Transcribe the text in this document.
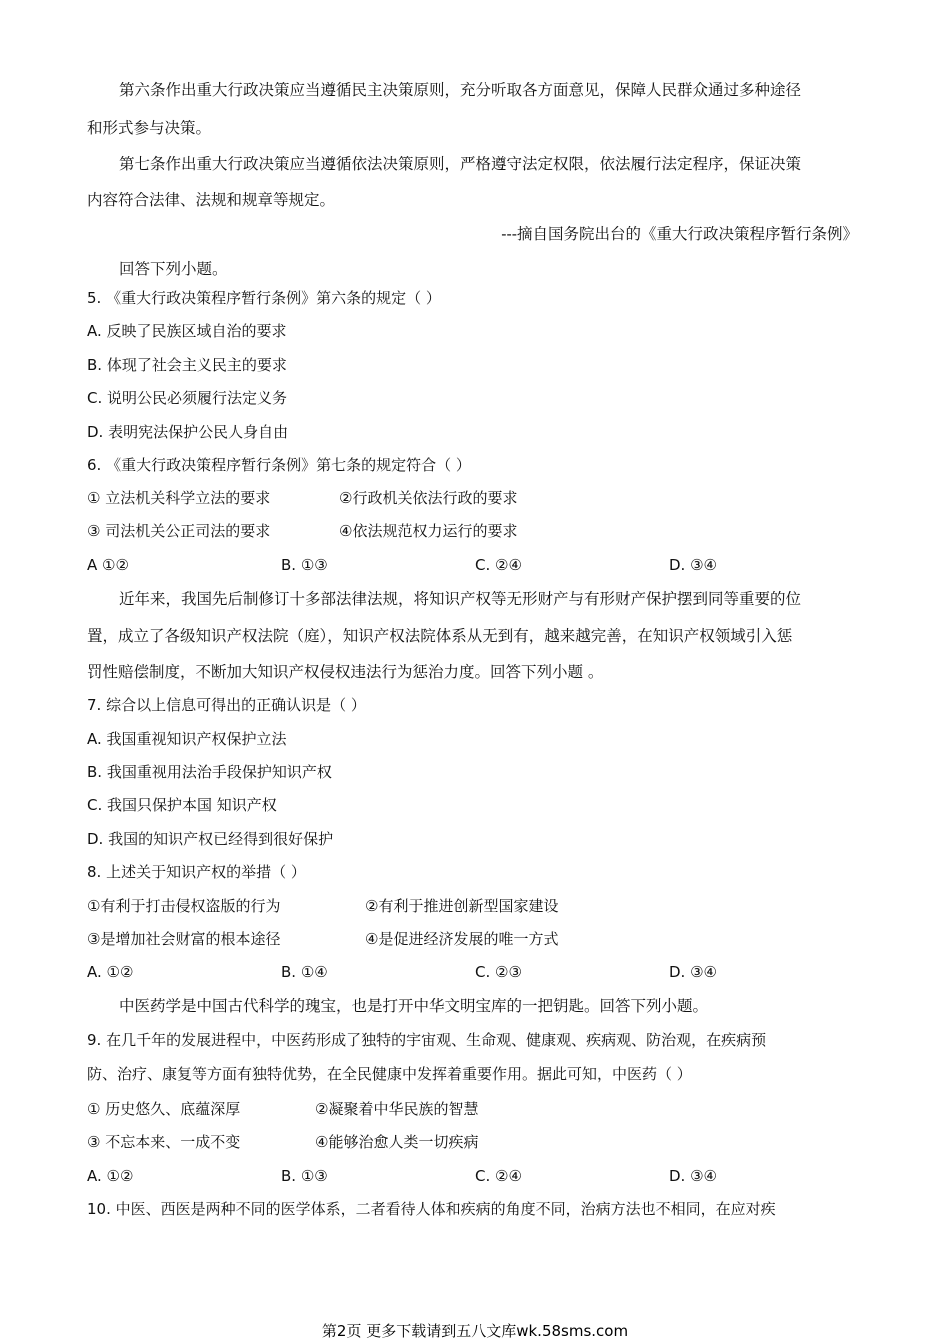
第六条作出重大行政决策应当遵循民主决策原则，充分听取各方面意见，保障人民群众通过多种途径
和形式参与决策。
第七条作出重大行政决策应当遵循依法决策原则，严格遵守法定权限，依法履行法定程序，保证决策
内容符合法律、法规和规章等规定。
---摘自国务院出台的《重大行政决策程序暂行条例》
回答下列小题。
5. 《重大行政决策程序暂行条例》第六条的规定（ ）
A. 反映了民族区域自治的要求
B. 体现了社会主义民主的要求
C. 说明公民必须履行法定义务
D. 表明宪法保护公民人身自由
6. 《重大行政决策程序暂行条例》第七条的规定符合（ ）
① 立法机关科学立法的要求	②行政机关依法行政的要求
③ 司法机关公正司法的要求	④依法规范权力运行的要求
A ①②	B. ①③	C. ②④	D. ③④
近年来，我国先后制修订十多部法律法规，将知识产权等无形财产与有形财产保护摆到同等重要的位
置，成立了各级知识产权法院（庭），知识产权法院体系从无到有，越来越完善，在知识产权领域引入惩
罚性赔偿制度，不断加大知识产权侵权违法行为惩治力度。回答下列小题 。
7. 综合以上信息可得出的正确认识是（ ）
A. 我国重视知识产权保护立法
B. 我国重视用法治手段保护知识产权
C. 我国只保护本国 知识产权
D. 我国的知识产权已经得到很好保护
8. 上述关于知识产权的举措（ ）
①有利于打击侵权盗版的行为	②有利于推进创新型国家建设
③是增加社会财富的根本途径	④是促进经济发展的唯一方式
A. ①②	B. ①④	C. ②③	D. ③④
中医药学是中国古代科学的瑰宝，也是打开中华文明宝库的一把钥匙。回答下列小题。
9. 在几千年的发展进程中，中医药形成了独特的宇宙观、生命观、健康观、疾病观、防治观，在疾病预
防、治疗、康复等方面有独特优势，在全民健康中发挥着重要作用。据此可知，中医药（ ）
① 历史悠久、底蕴深厚	②凝聚着中华民族的智慧
③ 不忘本来、一成不变	④能够治愈人类一切疾病
A. ①②	B. ①③	C. ②④	D. ③④
10. 中医、西医是两种不同的医学体系，二者看待人体和疾病的角度不同，治病方法也不相同，在应对疾
第2页 更多下载请到五八文库wk.58sms.com
